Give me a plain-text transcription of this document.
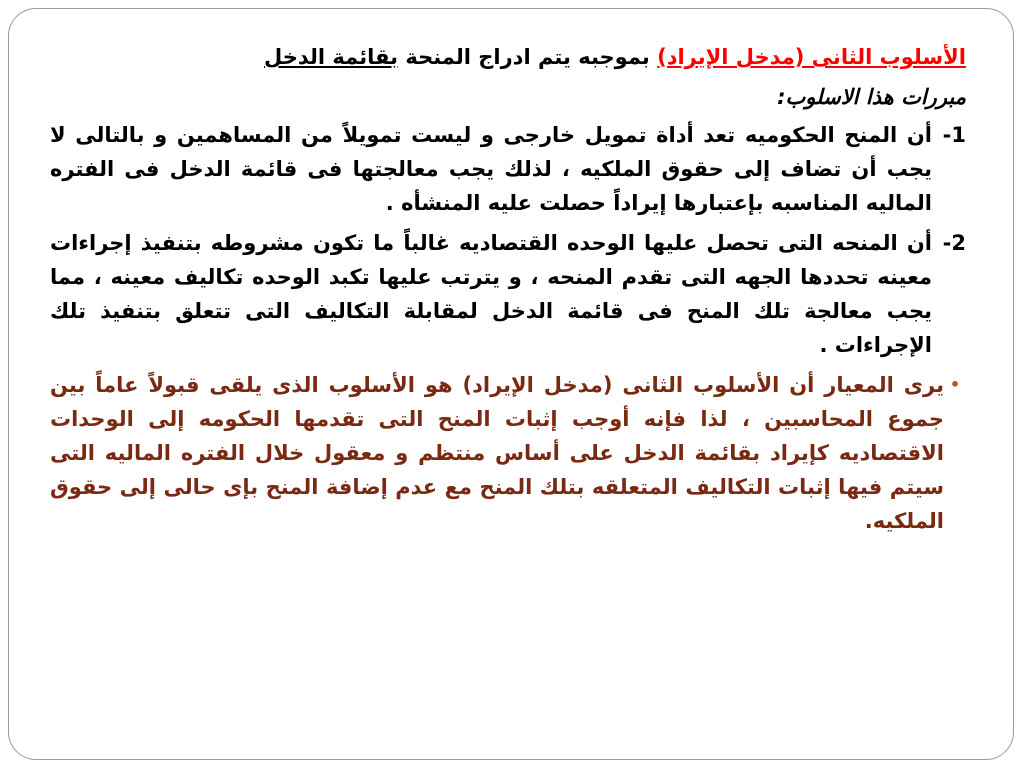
الأسلوب الثانى (مدخل الإيراد) بموجبه يتم ادراج المنحة بقائمة الدخل
مبررات هذا الاسلوب:
1-
أن المنح الحكوميه تعد أداة تمويل خارجى و ليست تمويلاً من المساهمين و بالتالى لا يجب أن تضاف إلى حقوق الملكيه ، لذلك يجب معالجتها فى قائمة الدخل فى الفتره الماليه المناسبه بإعتبارها إيراداً حصلت عليه المنشأه .
2-
أن المنحه التى تحصل عليها الوحده القتصاديه غالباً ما تكون مشروطه بتنفيذ إجراءات معينه تحددها الجهه التى تقدم المنحه ، و يترتب عليها تكبد الوحده تكاليف معينه ، مما يجب معالجة تلك المنح فى قائمة الدخل لمقابلة التكاليف التى تتعلق بتنفيذ تلك الإجراءات .
•
يرى المعيار أن الأسلوب الثانى (مدخل الإيراد) هو الأسلوب الذى يلقى قبولاً عاماً بين جموع المحاسبين ، لذا فإنه أوجب إثبات المنح التى تقدمها الحكومه إلى الوحدات الاقتصاديه كإيراد بقائمة الدخل على أساس منتظم و معقول خلال الفتره الماليه التى سيتم فيها إثبات التكاليف المتعلقه بتلك المنح مع عدم إضافة المنح بإى حالى إلى حقوق الملكيه.
